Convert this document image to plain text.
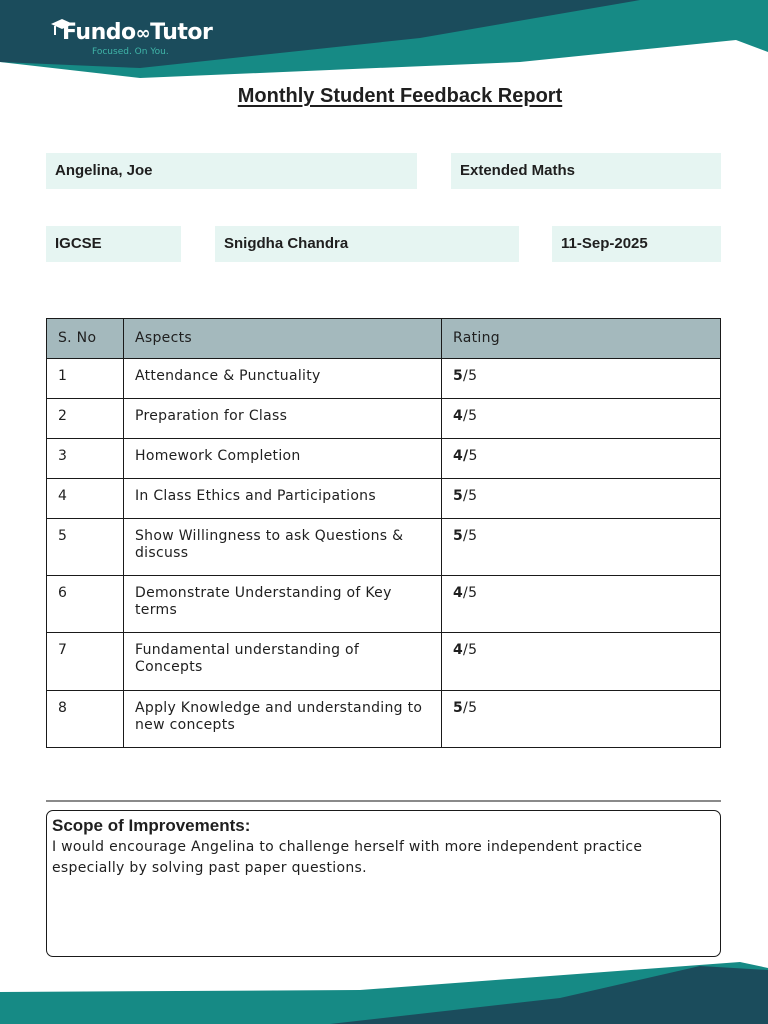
Fundo∞Tutor
Focused. On You.
Monthly Student Feedback Report
Angelina, Joe	Extended Maths
IGCSE	Snigdha Chandra	11-Sep-2025
S. No	Aspects	Rating
1	Attendance & Punctuality	5/5
2	Preparation for Class	4/5
3	Homework Completion	4/5
4	In Class Ethics and Participations	5/5
5	Show Willingness to ask Questions & discuss	5/5
6	Demonstrate Understanding of Key terms	4/5
7	Fundamental understanding of Concepts	4/5
8	Apply Knowledge and understanding to new concepts	5/5
Scope of Improvements:
I would encourage Angelina to challenge herself with more independent practice especially by solving past paper questions.
